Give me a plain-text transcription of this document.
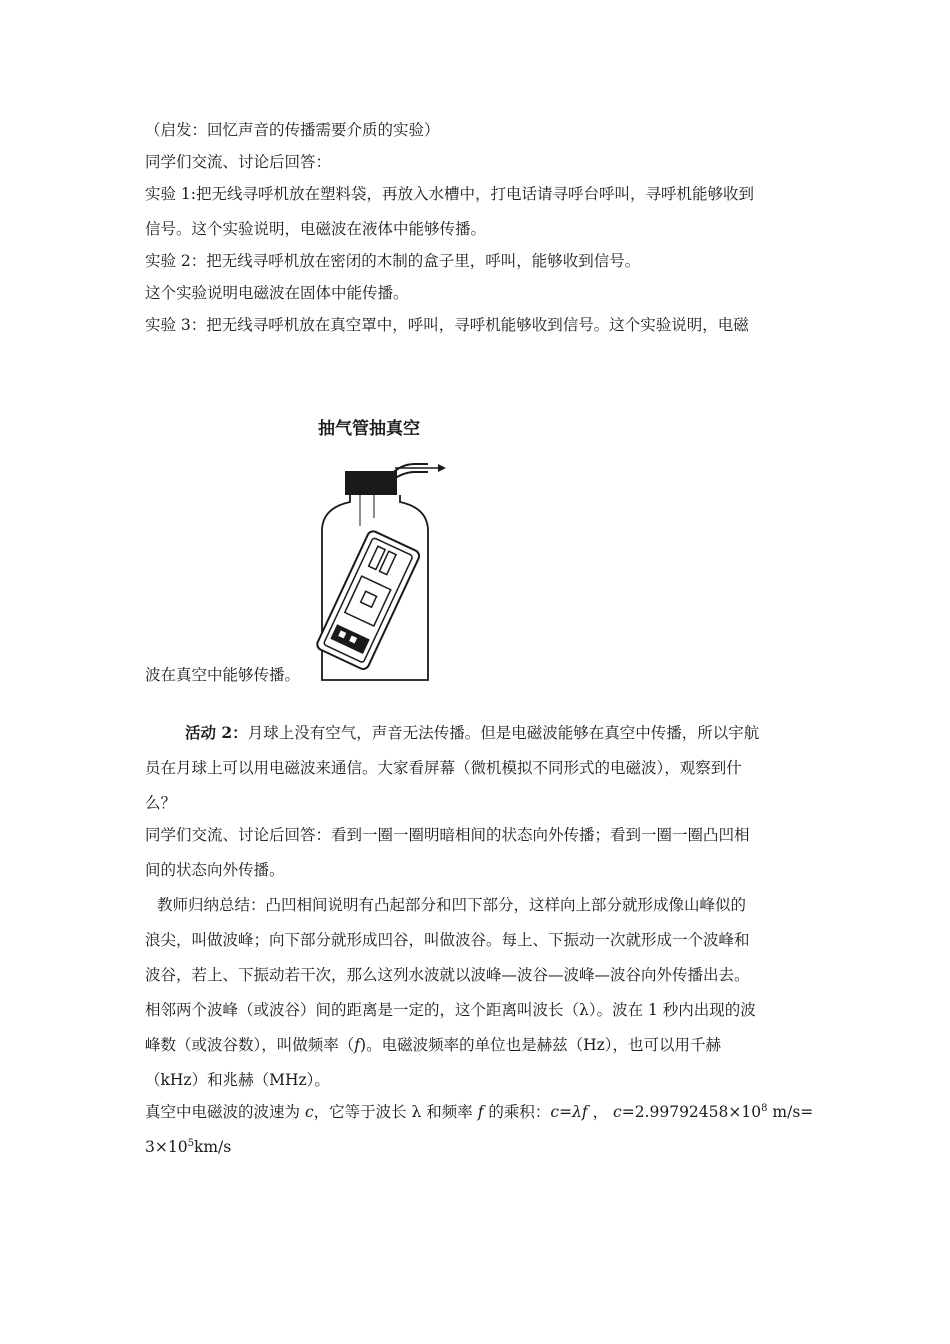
（启发：回忆声音的传播需要介质的实验）

同学们交流、讨论后回答：

实验 1:把无线寻呼机放在塑料袋，再放入水槽中，打电话请寻呼台呼叫，寻呼机能够收到

信号。这个实验说明，电磁波在液体中能够传播。

实验 2：把无线寻呼机放在密闭的木制的盒子里，呼叫，能够收到信号。

这个实验说明电磁波在固体中能传播。

实验 3：把无线寻呼机放在真空罩中，呼叫，寻呼机能够收到信号。这个实验说明，电磁

波在真空中能够传播。

抽气管抽真空

活动 2：月球上没有空气，声音无法传播。但是电磁波能够在真空中传播，所以宇航

员在月球上可以用电磁波来通信。大家看屏幕（微机模拟不同形式的电磁波），观察到什

么？

同学们交流、讨论后回答：看到一圈一圈明暗相间的状态向外传播；看到一圈一圈凸凹相

间的状态向外传播。

教师归纳总结：凸凹相间说明有凸起部分和凹下部分，这样向上部分就形成像山峰似的

浪尖，叫做波峰；向下部分就形成凹谷，叫做波谷。每上、下振动一次就形成一个波峰和

波谷，若上、下振动若干次，那么这列水波就以波峰—波谷—波峰—波谷向外传播出去。

相邻两个波峰（或波谷）间的距离是一定的，这个距离叫波长（λ）。波在 1 秒内出现的波

峰数（或波谷数），叫做频率（f)。电磁波频率的单位也是赫兹（Hz），也可以用千赫

（kHz）和兆赫（MHz）。

真空中电磁波的波速为 c，它等于波长 λ 和频率 f 的乘积：c=λf ， $c=2.99792458\times 10^8$ m/s=

$3\times 10^5km/s$
